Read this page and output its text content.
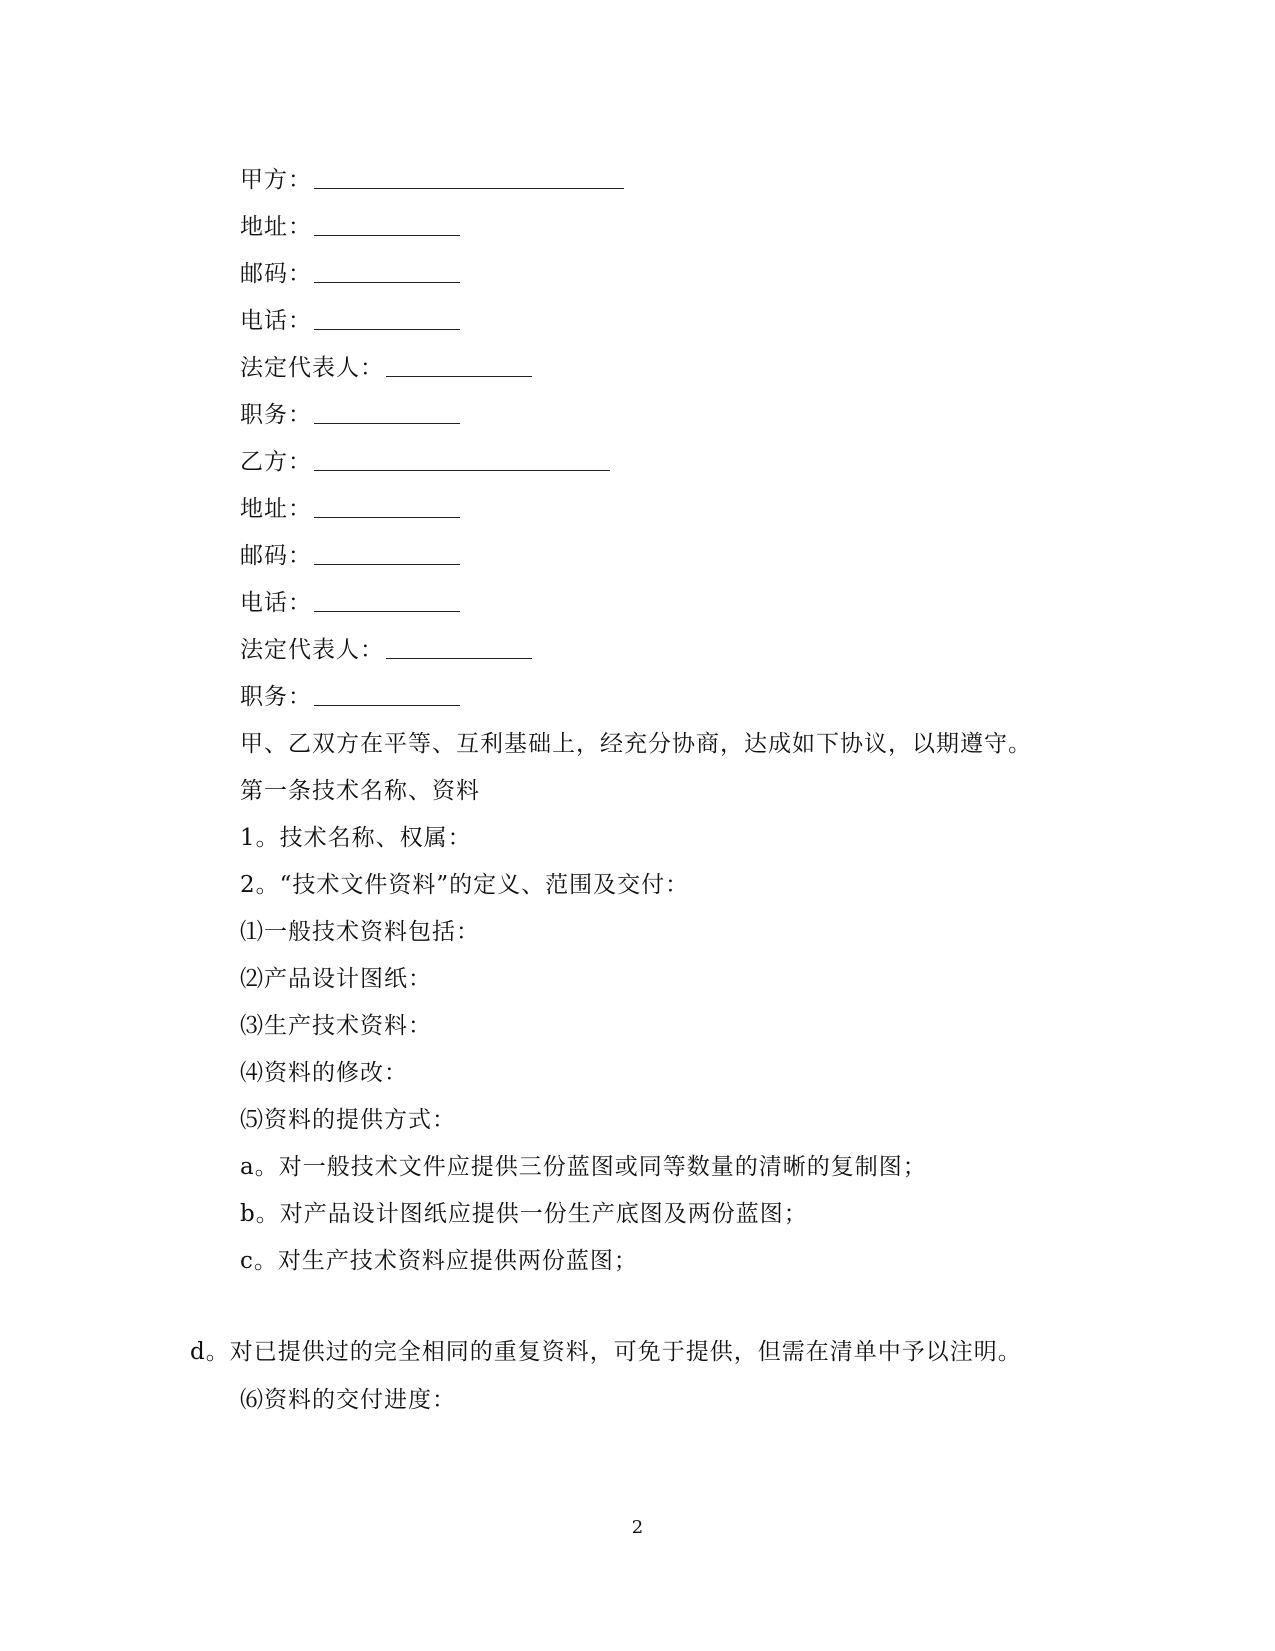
甲方：
地址：
邮码：
电话：
法定代表人：
职务：
乙方：
地址：
邮码：
电话：
法定代表人：
职务：
甲、乙双方在平等、互利基础上，经充分协商，达成如下协议，以期遵守。
第一条技术名称、资料
1。技术名称、权属：
2。“技术文件资料”的定义、范围及交付：
⑴一般技术资料包括：
⑵产品设计图纸：
⑶生产技术资料：
⑷资料的修改：
⑸资料的提供方式：
a。对一般技术文件应提供三份蓝图或同等数量的清晰的复制图；
b。对产品设计图纸应提供一份生产底图及两份蓝图；
c。对生产技术资料应提供两份蓝图；
d。对已提供过的完全相同的重复资料，可免于提供，但需在清单中予以注明。
⑹资料的交付进度：
2
